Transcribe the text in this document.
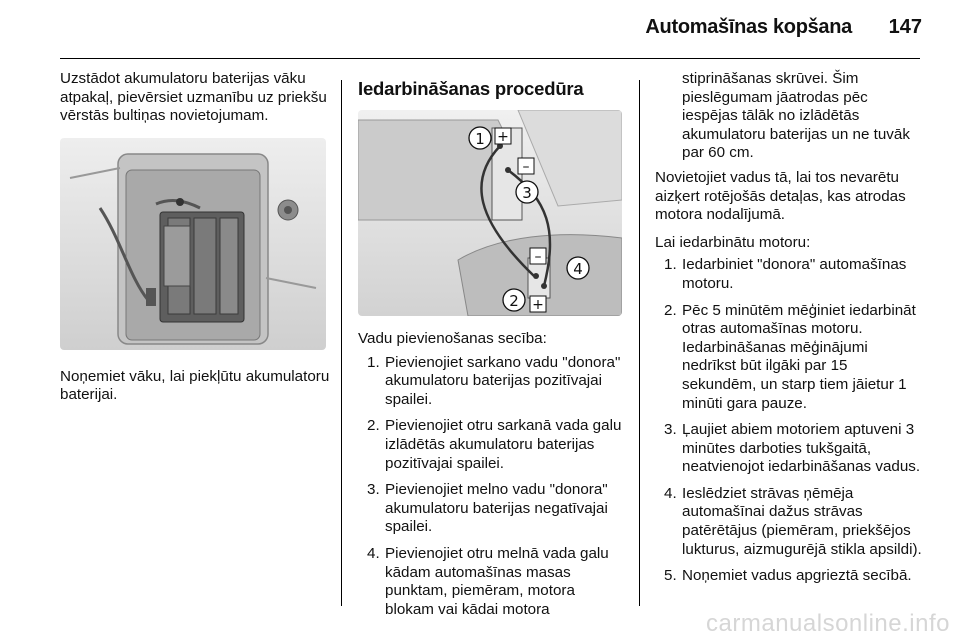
Automašīnas kopšana 147

Uzstādot akumulatoru baterijas vāku atpakaļ, pievērsiet uzmanību uz priekšu vērstās bultiņas novietojumam.

Noņemiet vāku, lai piekļūtu akumulatoru baterijai.

Iedarbināšanas procedūra
1 +
–
3
–
4
2 +

Vadu pievienošanas secība:

1. Pievienojiet sarkano vadu "donora" akumulatoru baterijas pozitīvajai spailei.
2. Pievienojiet otru sarkanā vada galu izlādētās akumulatoru baterijas pozitīvajai spailei.
3. Pievienojiet melno vadu "donora" akumulatoru baterijas negatīvajai spailei.
4. Pievienojiet otru melnā vada galu kādam automašīnas masas punktam, piemēram, motora blokam vai kādai motora
stiprināšanas skrūvei. Šim pieslēgumam jāatrodas pēc iespējas tālāk no izlādētās akumulatoru baterijas un ne tuvāk par 60 cm.

Novietojiet vadus tā, lai tos nevarētu aizķert rotējošās detaļas, kas atrodas motora nodalījumā.

Lai iedarbinātu motoru:

1. Iedarbiniet "donora" automašīnas motoru.
2. Pēc 5 minūtēm mēģiniet iedarbināt otras automašīnas motoru. Iedarbināšanas mēģinājumi nedrīkst būt ilgāki par 15 sekundēm, un starp tiem jāietur 1 minūti gara pauze.
3. Ļaujiet abiem motoriem aptuveni 3 minūtes darboties tukšgaitā, neatvienojot iedarbināšanas vadus.
4. Ieslēdziet strāvas ņēmēja automašīnai dažus strāvas patērētājus (piemēram, priekšējos lukturus, aizmugurējā stikla apsildi).
5. Noņemiet vadus apgrieztā secībā.
carmanualsonline.info
